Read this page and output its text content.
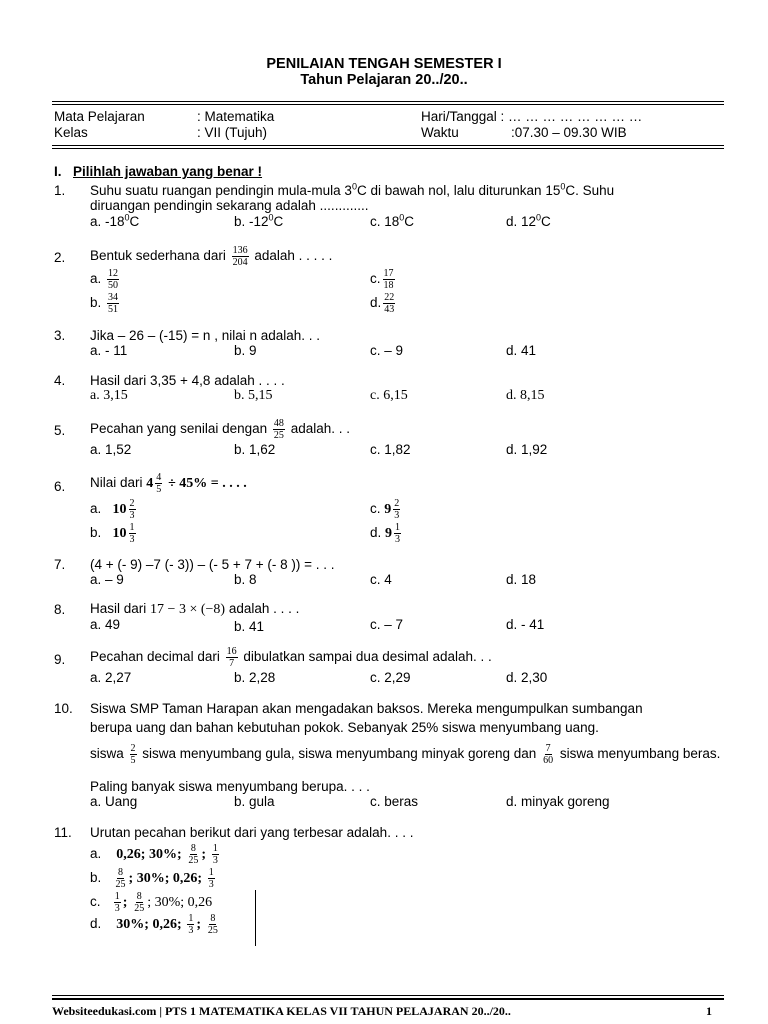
PENILAIAN TENGAH SEMESTER I
Tahun Pelajaran 20../20..
Mata Pelajaran	: Matematika	Hari/Tanggal : … … … … … … … …
Kelas	: VII (Tujuh)	Waktu	:07.30 – 09.30 WIB
I. Pilihlah jawaban yang benar !
1. Suhu suatu ruangan pendingin mula-mula $3^0C$ di bawah nol, lalu diturunkan $15^0C$. Suhu
diruangan pendingin sekarang adalah .............
a. $-18^0C$	b. $-12^0C$	c. $18^0C$	d. $12^0C$
2. Bentuk sederhana dari $\frac{136}{204}$ adalah . . . . .
a. $\frac{12}{50}$	c. $\frac{17}{18}$
b. $\frac{34}{51}$	d. $\frac{22}{43}$
3. Jika – 26 – (-15) = n , nilai n adalah. . .
a. - 11	b. 9	c. – 9	d. 41
4. Hasil dari 3,35 + 4,8 adalah . . . .
a. 3,15	b. 5,15	c. 6,15	d. 8,15
5. Pecahan yang senilai dengan $\frac{48}{25}$ adalah. . .
a. 1,52	b. 1,62	c. 1,82	d. 1,92
6. Nilai dari $4 \frac{4}{5} \div 45\%$ = . . . .
a. $10 \frac{2}{3}$	c. $9 \frac{2}{3}$
b. $10 \frac{1}{3}$	d. $9 \frac{1}{3}$
7. (4 + (- 9) –7 (- 3)) – (- 5 + 7 + (- 8 )) = . . .
a. – 9	b. 8	c. 4	d. 18
8. Hasil dari 17 − 3 × (−8) adalah . . . .
a. 49	b. 41	c. – 7	d. - 41
9. Pecahan decimal dari $\frac{16}{7}$ dibulatkan sampai dua desimal adalah. . .
a. 2,27	b. 2,28	c. 2,29	d. 2,30
10. Siswa SMP Taman Harapan akan mengadakan baksos. Mereka mengumpulkan sumbangan
berupa uang dan bahan kebutuhan pokok. Sebanyak 25% siswa menyumbang uang.
siswa $\frac{2}{5}$ siswa menyumbang gula, siswa menyumbang minyak goreng dan $\frac{7}{60}$ siswa menyumbang beras.
Paling banyak siswa menyumbang berupa. . . .
a. Uang	b. gula	c. beras	d. minyak goreng
11. Urutan pecahan berikut dari yang terbesar adalah. . . .
a. 0,26; 30%; $\frac{8}{25}$ ; $\frac{1}{3}$
b. $\frac{8}{25}$ ; 30%; 0,26; $\frac{1}{3}$
c. $\frac{1}{3}$ ; $\frac{8}{25}$ ; 30%; 0,26
d. 30%; 0,26; $\frac{1}{3}$ ; $\frac{8}{25}$
Websiteedukasi.com | PTS 1 MATEMATIKA KELAS VII TAHUN PELAJARAN 20../20..	1
